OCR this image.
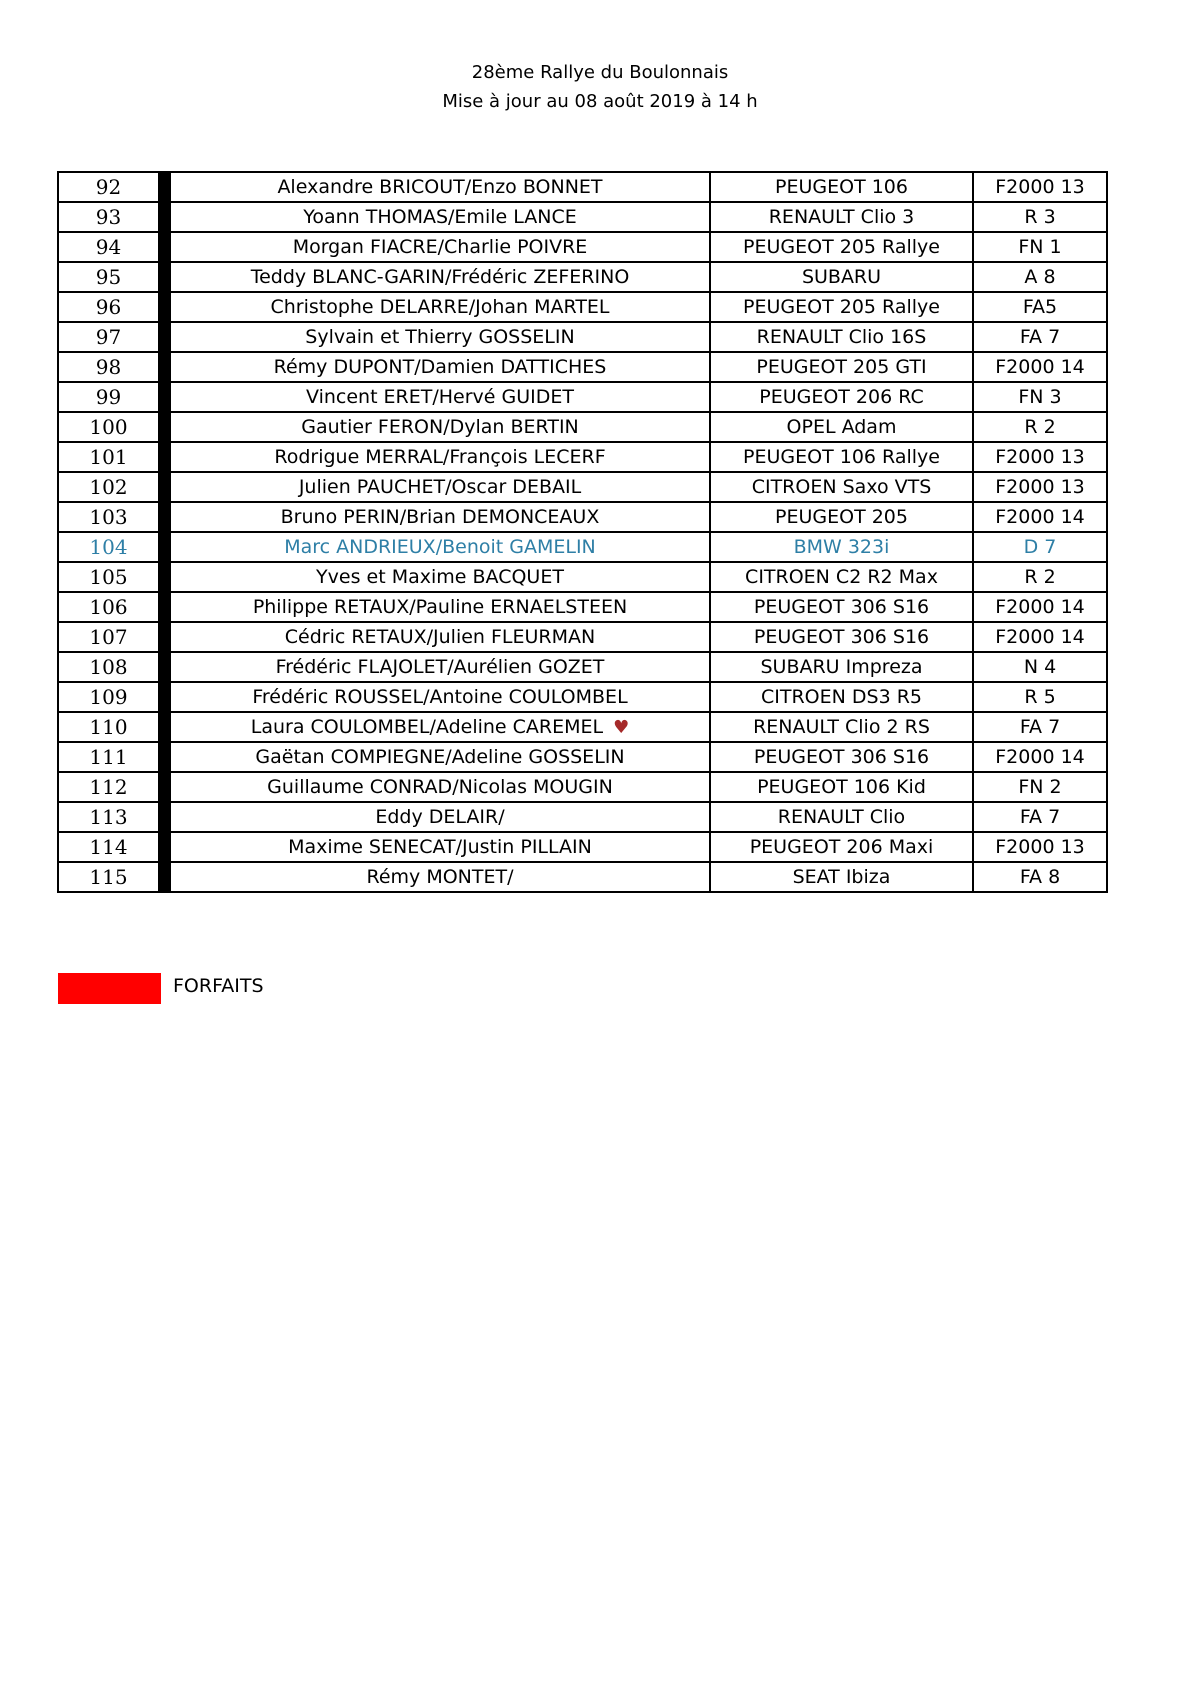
28ème Rallye du Boulonnais
Mise à jour au 08 août 2019 à 14 h
92		Alexandre BRICOUT/Enzo BONNET	PEUGEOT 106	F2000 13
93		Yoann THOMAS/Emile LANCE	RENAULT Clio 3	R 3
94		Morgan FIACRE/Charlie POIVRE	PEUGEOT 205 Rallye	FN 1
95		Teddy BLANC-GARIN/Frédéric ZEFERINO	SUBARU	A 8
96		Christophe DELARRE/Johan MARTEL	PEUGEOT 205 Rallye	FA5
97		Sylvain et Thierry GOSSELIN	RENAULT Clio 16S	FA 7
98		Rémy DUPONT/Damien DATTICHES	PEUGEOT 205 GTI	F2000 14
99		Vincent ERET/Hervé GUIDET	PEUGEOT 206 RC	FN 3
100		Gautier FERON/Dylan BERTIN	OPEL Adam	R 2
101		Rodrigue MERRAL/François LECERF	PEUGEOT 106 Rallye	F2000 13
102		Julien PAUCHET/Oscar DEBAIL	CITROEN Saxo VTS	F2000 13
103		Bruno PERIN/Brian DEMONCEAUX	PEUGEOT 205	F2000 14
104		Marc ANDRIEUX/Benoit GAMELIN	BMW 323i	D 7
105		Yves et Maxime BACQUET	CITROEN C2 R2 Max	R 2
106		Philippe RETAUX/Pauline ERNAELSTEEN	PEUGEOT 306 S16	F2000 14
107		Cédric RETAUX/Julien FLEURMAN	PEUGEOT 306 S16	F2000 14
108		Frédéric FLAJOLET/Aurélien GOZET	SUBARU Impreza	N 4
109		Frédéric ROUSSEL/Antoine COULOMBEL	CITROEN DS3 R5	R 5
110		Laura COULOMBEL/Adeline CAREMEL ♥	RENAULT Clio 2 RS	FA 7
111		Gaëtan COMPIEGNE/Adeline GOSSELIN	PEUGEOT 306 S16	F2000 14
112		Guillaume CONRAD/Nicolas MOUGIN	PEUGEOT 106 Kid	FN 2
113		Eddy DELAIR/	RENAULT Clio	FA 7
114		Maxime SENECAT/Justin PILLAIN	PEUGEOT 206 Maxi	F2000 13
115		Rémy MONTET/	SEAT Ibiza	FA 8
FORFAITS
